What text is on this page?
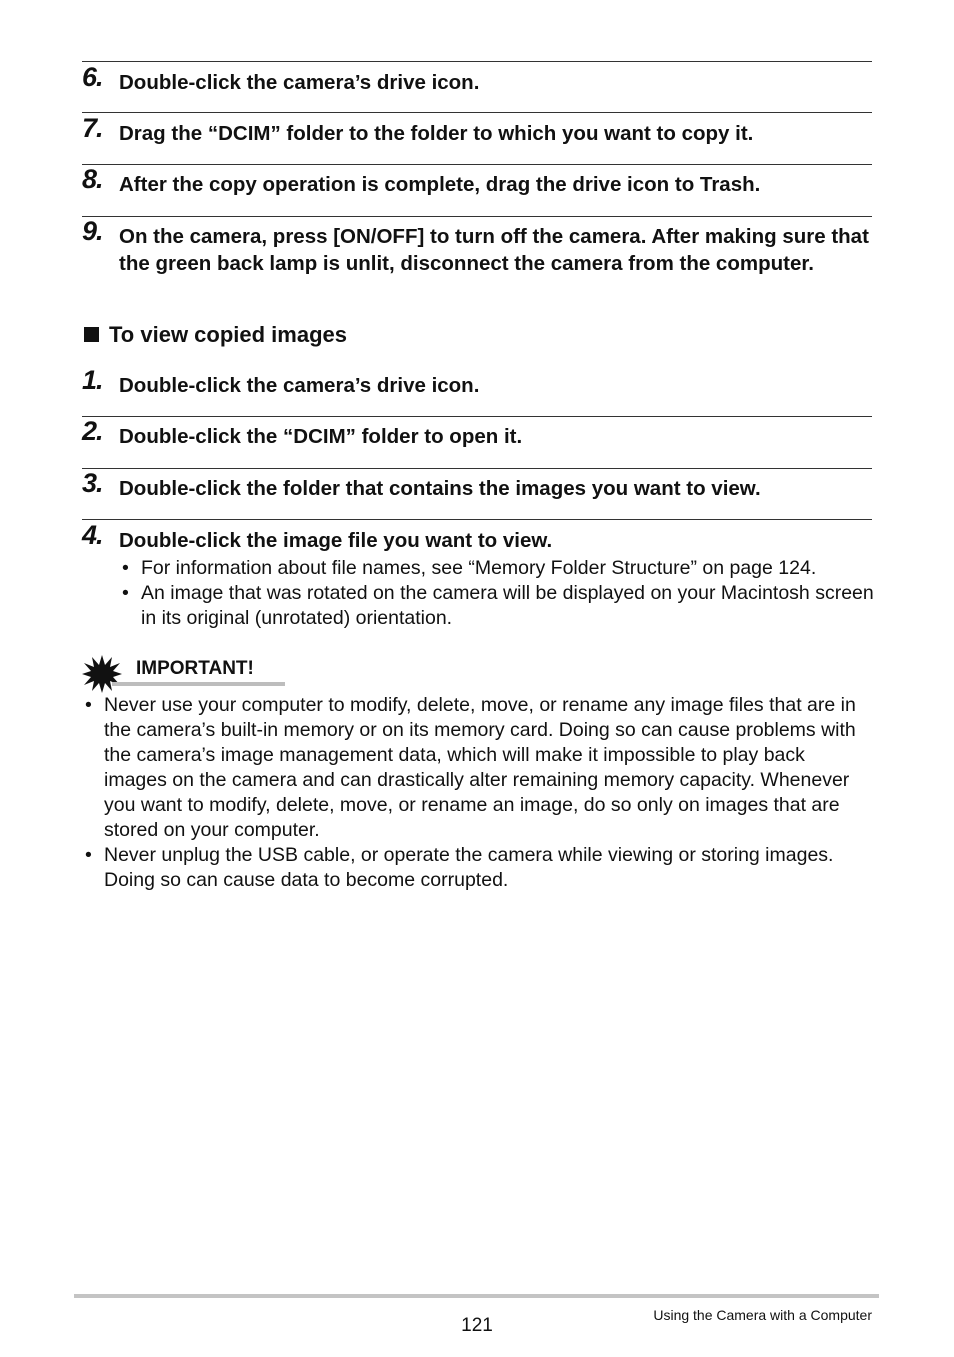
6. Double-click the camera’s drive icon.
7. Drag the “DCIM” folder to the folder to which you want to copy it.
8. After the copy operation is complete, drag the drive icon to Trash.
9. On the camera, press [ON/OFF] to turn off the camera. After making sure that the green back lamp is unlit, disconnect the camera from the computer.
To view copied images
1. Double-click the camera’s drive icon.
2. Double-click the “DCIM” folder to open it.
3. Double-click the folder that contains the images you want to view.
4. Double-click the image file you want to view.
• For information about file names, see “Memory Folder Structure” on page 124.
• An image that was rotated on the camera will be displayed on your Macintosh screen in its original (unrotated) orientation.
IMPORTANT!
• Never use your computer to modify, delete, move, or rename any image files that are in the camera’s built-in memory or on its memory card. Doing so can cause problems with the camera’s image management data, which will make it impossible to play back images on the camera and can drastically alter remaining memory capacity. Whenever you want to modify, delete, move, or rename an image, do so only on images that are stored on your computer.
• Never unplug the USB cable, or operate the camera while viewing or storing images. Doing so can cause data to become corrupted.
121	Using the Camera with a Computer
